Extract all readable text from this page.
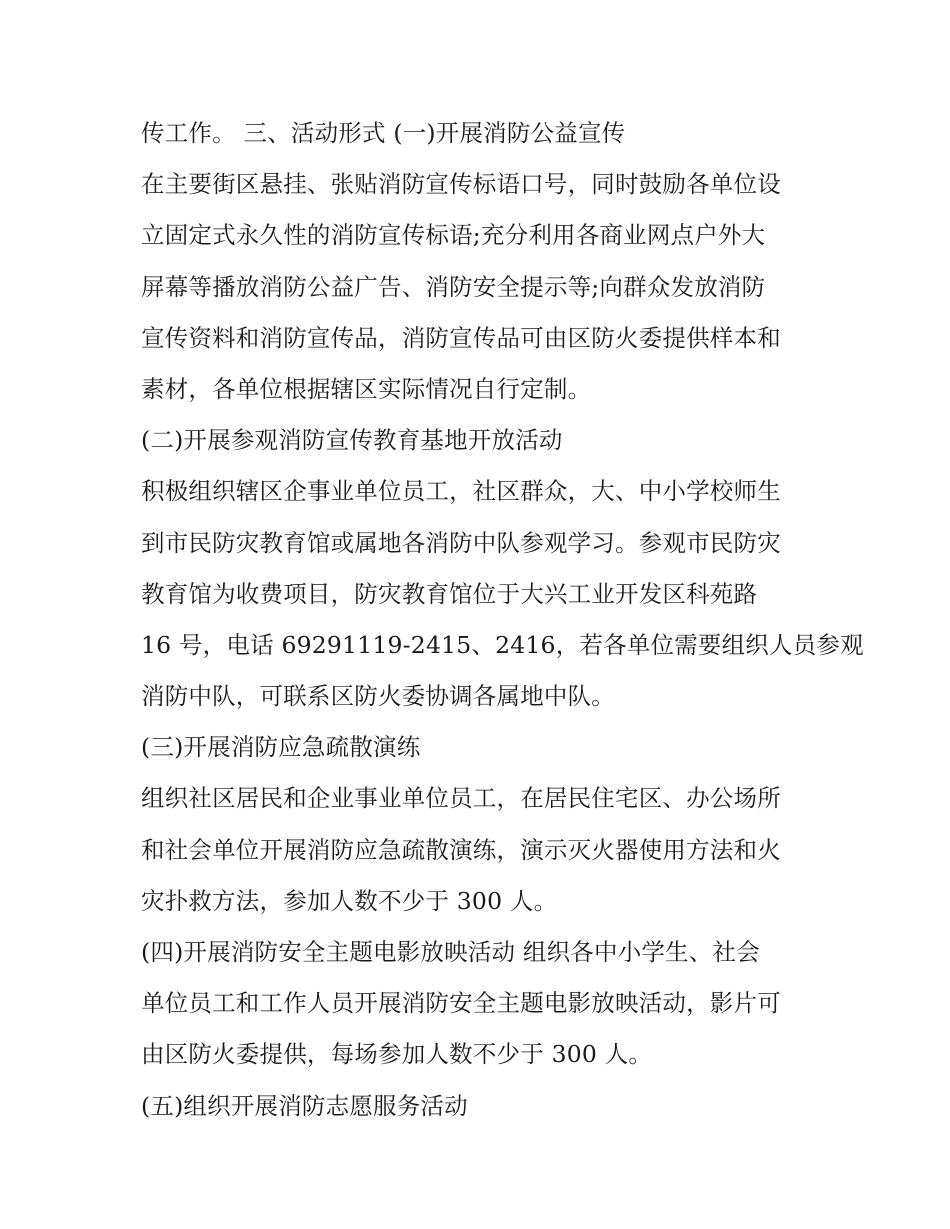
传工作。 三、活动形式 (一)开展消防公益宣传
在主要街区悬挂、张贴消防宣传标语口号，同时鼓励各单位设
立固定式永久性的消防宣传标语;充分利用各商业网点户外大
屏幕等播放消防公益广告、消防安全提示等;向群众发放消防
宣传资料和消防宣传品，消防宣传品可由区防火委提供样本和
素材，各单位根据辖区实际情况自行定制。
(二)开展参观消防宣传教育基地开放活动
积极组织辖区企事业单位员工，社区群众，大、中小学校师生
到市民防灾教育馆或属地各消防中队参观学习。参观市民防灾
教育馆为收费项目，防灾教育馆位于大兴工业开发区科苑路
16 号，电话 69291119-2415、2416，若各单位需要组织人员参观
消防中队，可联系区防火委协调各属地中队。
(三)开展消防应急疏散演练
组织社区居民和企业事业单位员工，在居民住宅区、办公场所
和社会单位开展消防应急疏散演练，演示灭火器使用方法和火
灾扑救方法，参加人数不少于 300 人。
(四)开展消防安全主题电影放映活动 组织各中小学生、社会
单位员工和工作人员开展消防安全主题电影放映活动，影片可
由区防火委提供，每场参加人数不少于 300 人。
(五)组织开展消防志愿服务活动
